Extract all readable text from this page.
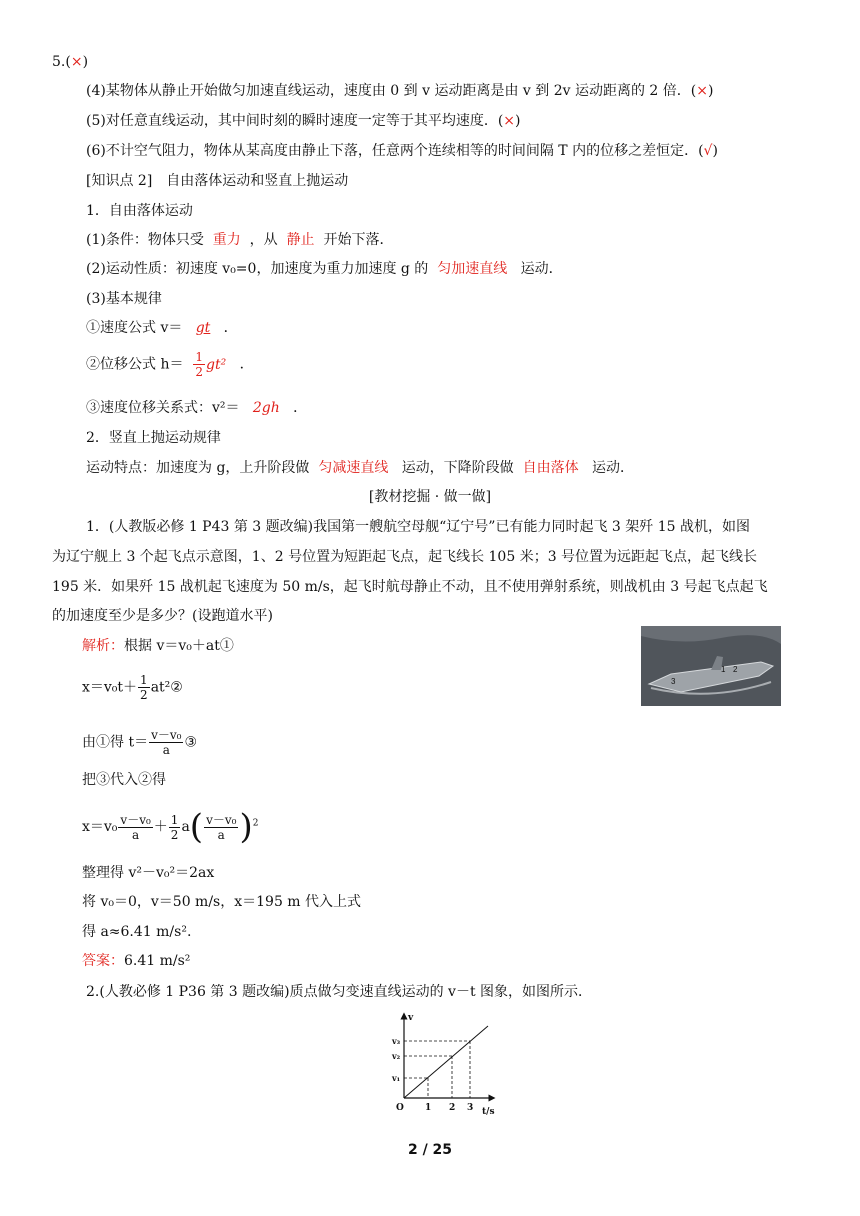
5.(×)
(4)某物体从静止开始做匀加速直线运动，速度由 0 到 v 运动距离是由 v 到 2v 运动距离的 2 倍．(×)
(5)对任意直线运动，其中间时刻的瞬时速度一定等于其平均速度．(×)
(6)不计空气阻力，物体从某高度由静止下落，任意两个连续相等的时间间隔 T 内的位移之差恒定．(√)
[知识点 2]　自由落体运动和竖直上抛运动
1．自由落体运动
(1)条件：物体只受 重力 ，从 静止 开始下落．
(2)运动性质：初速度 v₀=0，加速度为重力加速度 g 的 匀加速直线 运动．
(3)基本规律
①速度公式 v＝ gt ．
②位移公式 $h= \frac{1}{2} gt^2$ ．
③速度位移关系式：v²＝ 2gh ．
2．竖直上抛运动规律
运动特点：加速度为 g，上升阶段做 匀减速直线 运动，下降阶段做 自由落体 运动．
[教材挖掘 · 做一做]
1．(人教版必修 1 P43 第 3 题改编)我国第一艘航空母舰“辽宁号”已有能力同时起飞 3 架歼 15 战机，如图
为辽宁舰上 3 个起飞点示意图，1、2 号位置为短距起飞点，起飞线长 105 米；3 号位置为远距起飞点，起飞线长
195 米．如果歼 15 战机起飞速度为 50 m/s，起飞时航母静止不动，且不使用弹射系统，则战机由 3 号起飞点起飞
的加速度至少是多少？(设跑道水平)
3
1 2
解析：根据 v＝v₀＋at①
$x=v_0t+ \frac{1}{2}$ at²②
由①得 $t= \frac{\text{v－v₀}}{a}$ ③
把③代入②得
$x=v_0 \frac{\text{v－v₀}}{a} + \frac{1}{2} a( \frac{\text{v－v₀}}{a} )^2$
整理得 v²－v₀²＝2ax
将 v₀＝0，v＝50 m/s，x＝195 m 代入上式
得 a≈6.41 m/s².
答案：6.41 m/s²
2.(人教必修 1 P36 第 3 题改编)质点做匀变速直线运动的 v－t 图象，如图所示．
v
t/s
O 1 2 3
v₁
v₂
v₃
2 / 25
